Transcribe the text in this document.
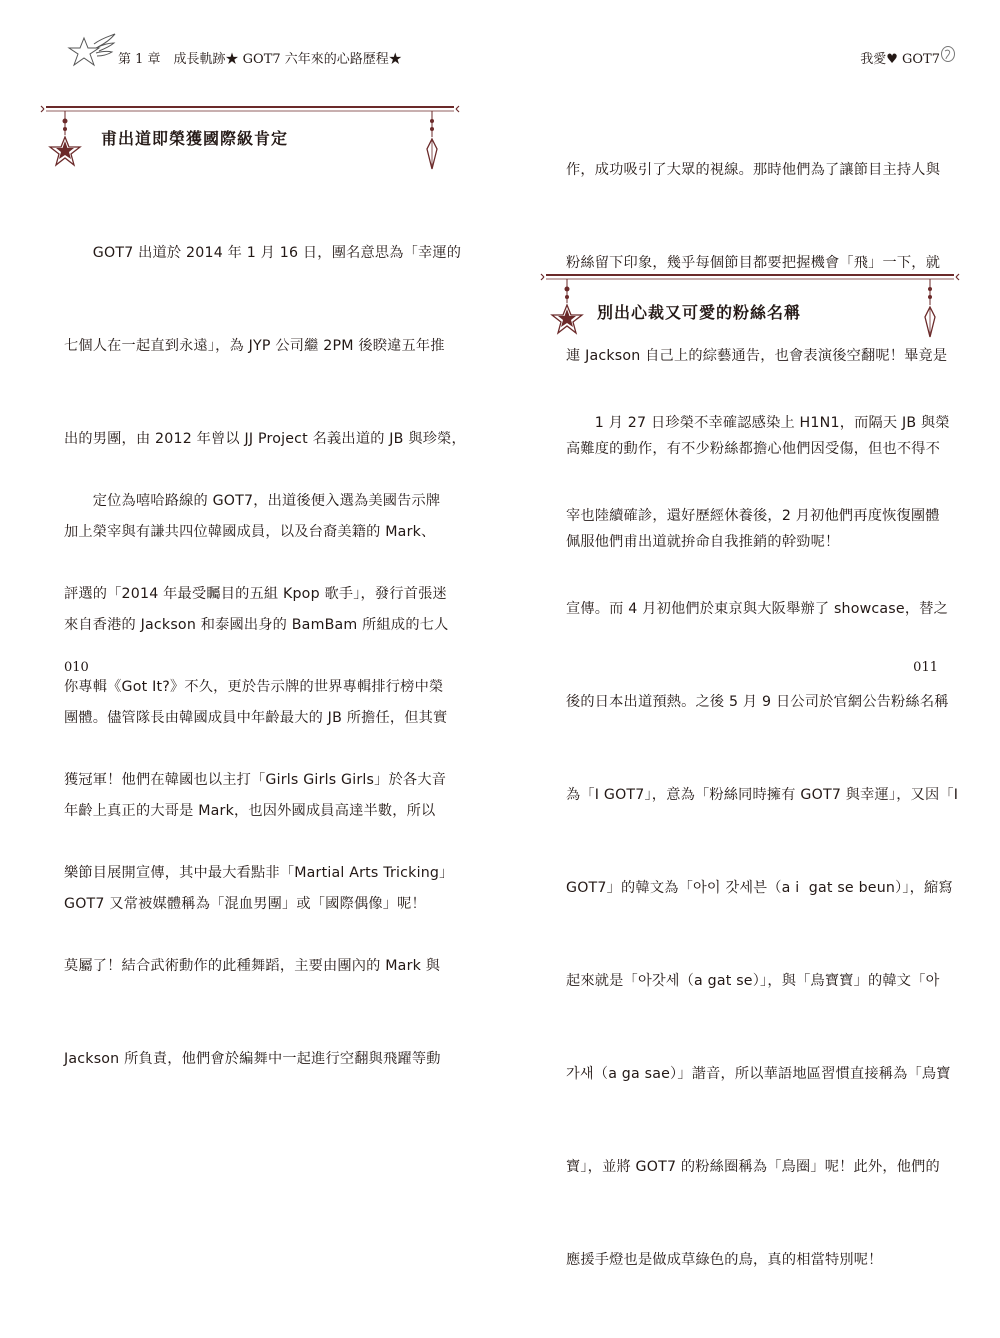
第 1 章　成長軌跡★ GOT7 六年來的心路歷程★
甫出道即榮獲國際級肯定

　　GOT7 出道於 2014 年 1 月 16 日，團名意思為「幸運的

七個人在一起直到永遠」，為 JYP 公司繼 2PM 後睽違五年推

出的男團，由 2012 年曾以 JJ Project 名義出道的 JB 與珍榮，

加上榮宰與有謙共四位韓國成員，以及台裔美籍的 Mark、

來自香港的 Jackson 和泰國出身的 BamBam 所組成的七人

團體。儘管隊長由韓國成員中年齡最大的 JB 所擔任，但其實

年齡上真正的大哥是 Mark，也因外國成員高達半數，所以

GOT7 又常被媒體稱為「混血男團」或「國際偶像」呢！

　　定位為嘻哈路線的 GOT7，出道後便入選為美國告示牌

評選的「2014 年最受矚目的五組 Kpop 歌手」，發行首張迷

你專輯《Got It?》不久，更於告示牌的世界專輯排行榜中榮

獲冠軍！他們在韓國也以主打「Girls Girls Girls」於各大音

樂節目展開宣傳，其中最大看點非「Martial Arts Tricking」

莫屬了！結合武術動作的此種舞蹈，主要由團內的 Mark 與

Jackson 所負責，他們會於編舞中一起進行空翻與飛躍等動

010
我愛♥ GOT7

作，成功吸引了大眾的視線。那時他們為了讓節目主持人與

粉絲留下印象，幾乎每個節目都要把握機會「飛」一下，就

連 Jackson 自己上的綜藝通告，也會表演後空翻呢！畢竟是

高難度的動作，有不少粉絲都擔心他們因受傷，但也不得不

佩服他們甫出道就拚命自我推銷的幹勁呢！

別出心裁又可愛的粉絲名稱

　　1 月 27 日珍榮不幸確認感染上 H1N1，而隔天 JB 與榮

宰也陸續確診，還好歷經休養後，2 月初他們再度恢復團體

宣傳。而 4 月初他們於東京與大阪舉辦了 showcase，替之

後的日本出道預熱。之後 5 月 9 日公司於官網公告粉絲名稱

為「I GOT7」，意為「粉絲同時擁有 GOT7 與幸運」，又因「I

GOT7」的韓文為「아이 갓세븐（a i  gat se beun）」，縮寫

起來就是「아갓세（a gat se）」，與「鳥寶寶」的韓文「아

가새（a ga sae）」諧音，所以華語地區習慣直接稱為「鳥寶

寶」，並將 GOT7 的粉絲圈稱為「鳥圈」呢！此外，他們的

應援手燈也是做成草綠色的鳥，真的相當特別呢！

011
